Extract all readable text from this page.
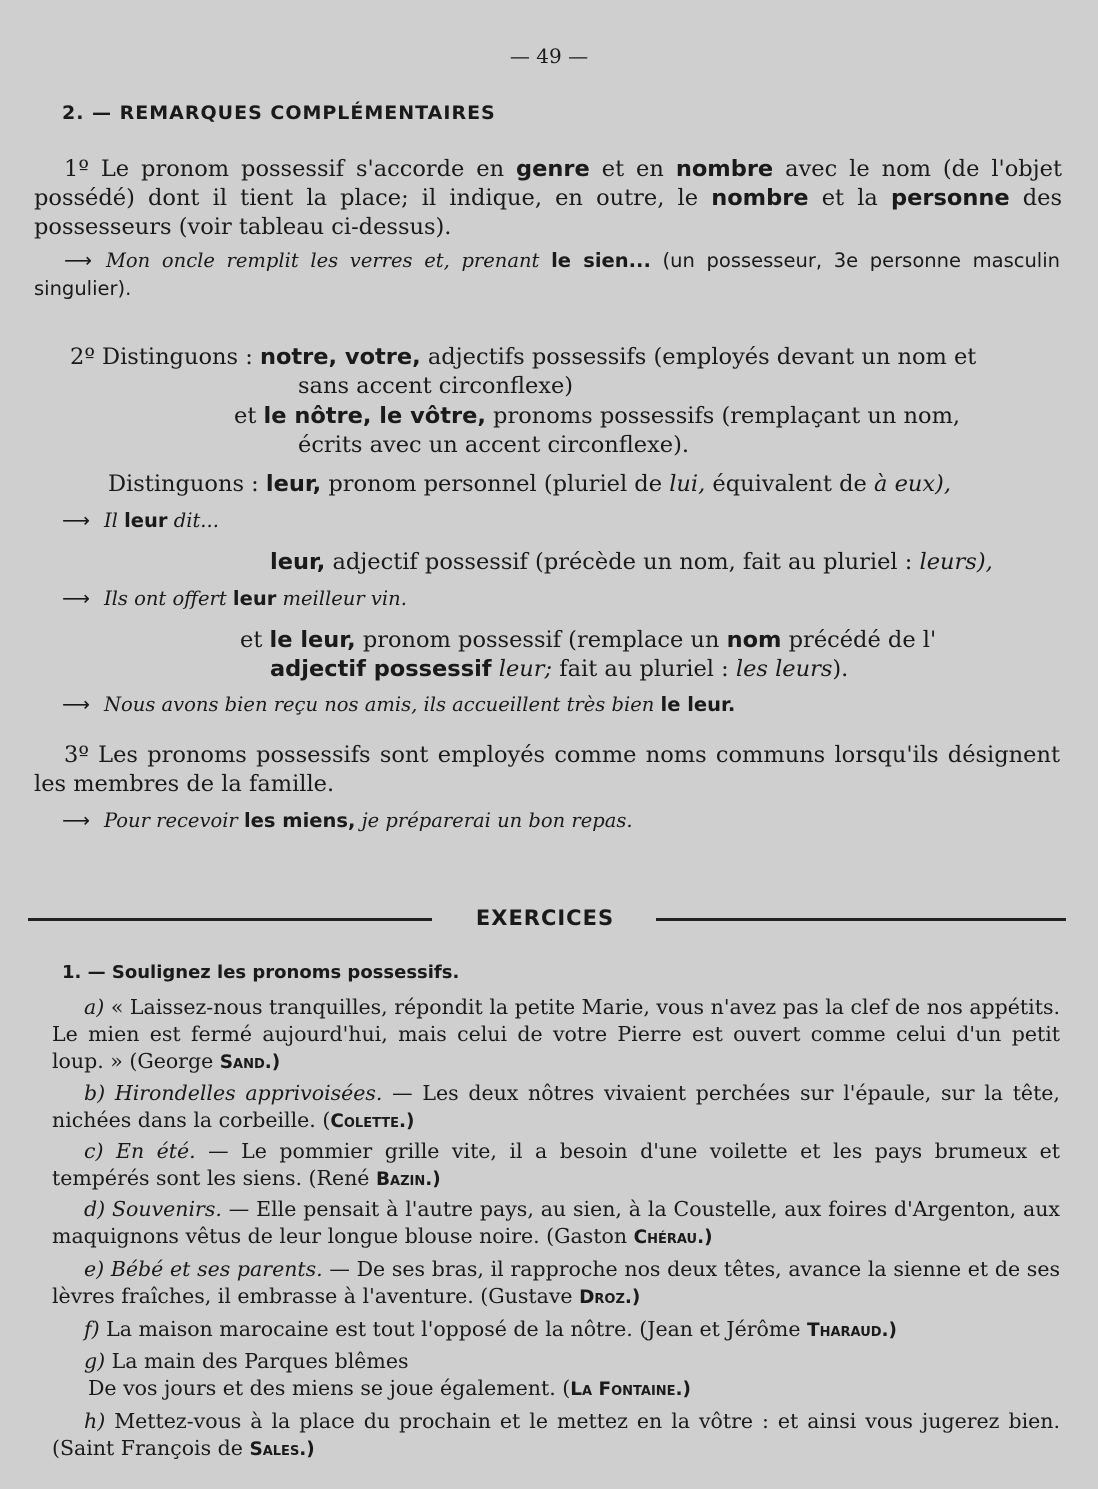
— 49 —
2. — REMARQUES COMPLÉMENTAIRES
1º Le pronom possessif s'accorde en genre et en nombre avec le nom (de l'objet possédé) dont il tient la place; il indique, en outre, le nombre et la personne des possesseurs (voir tableau ci-dessus).
⟶ Mon oncle remplit les verres et, prenant le sien... (un possesseur, 3e personne masculin singulier).
2º Distinguons : notre, votre, adjectifs possessifs (employés devant un nom et
sans accent circonflexe)
et le nôtre, le vôtre, pronoms possessifs (remplaçant un nom,
écrits avec un accent circonflexe).
Distinguons : leur, pronom personnel (pluriel de lui, équivalent de à eux),
⟶ Il leur dit...
leur, adjectif possessif (précède un nom, fait au pluriel : leurs),
⟶ Ils ont offert leur meilleur vin.
et le leur, pronom possessif (remplace un nom précédé de l'
adjectif possessif leur; fait au pluriel : les leurs).
⟶ Nous avons bien reçu nos amis, ils accueillent très bien le leur.
3º Les pronoms possessifs sont employés comme noms communs lorsqu'ils désignent les membres de la famille.
⟶ Pour recevoir les miens, je préparerai un bon repas.
EXERCICES
1. — Soulignez les pronoms possessifs.
a) « Laissez-nous tranquilles, répondit la petite Marie, vous n'avez pas la clef de nos appétits. Le mien est fermé aujourd'hui, mais celui de votre Pierre est ouvert comme celui d'un petit loup. » (George Sand.)
b) Hirondelles apprivoisées. — Les deux nôtres vivaient perchées sur l'épaule, sur la tête, nichées dans la corbeille. (Colette.)
c) En été. — Le pommier grille vite, il a besoin d'une voilette et les pays brumeux et tempérés sont les siens. (René Bazin.)
d) Souvenirs. — Elle pensait à l'autre pays, au sien, à la Coustelle, aux foires d'Argenton, aux maquignons vêtus de leur longue blouse noire. (Gaston Chérau.)
e) Bébé et ses parents. — De ses bras, il rapproche nos deux têtes, avance la sienne et de ses lèvres fraîches, il embrasse à l'aventure. (Gustave Droz.)
f) La maison marocaine est tout l'opposé de la nôtre. (Jean et Jérôme Tharaud.)
g) La main des Parques blêmes
De vos jours et des miens se joue également. (La Fontaine.)
h) Mettez-vous à la place du prochain et le mettez en la vôtre : et ainsi vous jugerez bien. (Saint François de Sales.)
